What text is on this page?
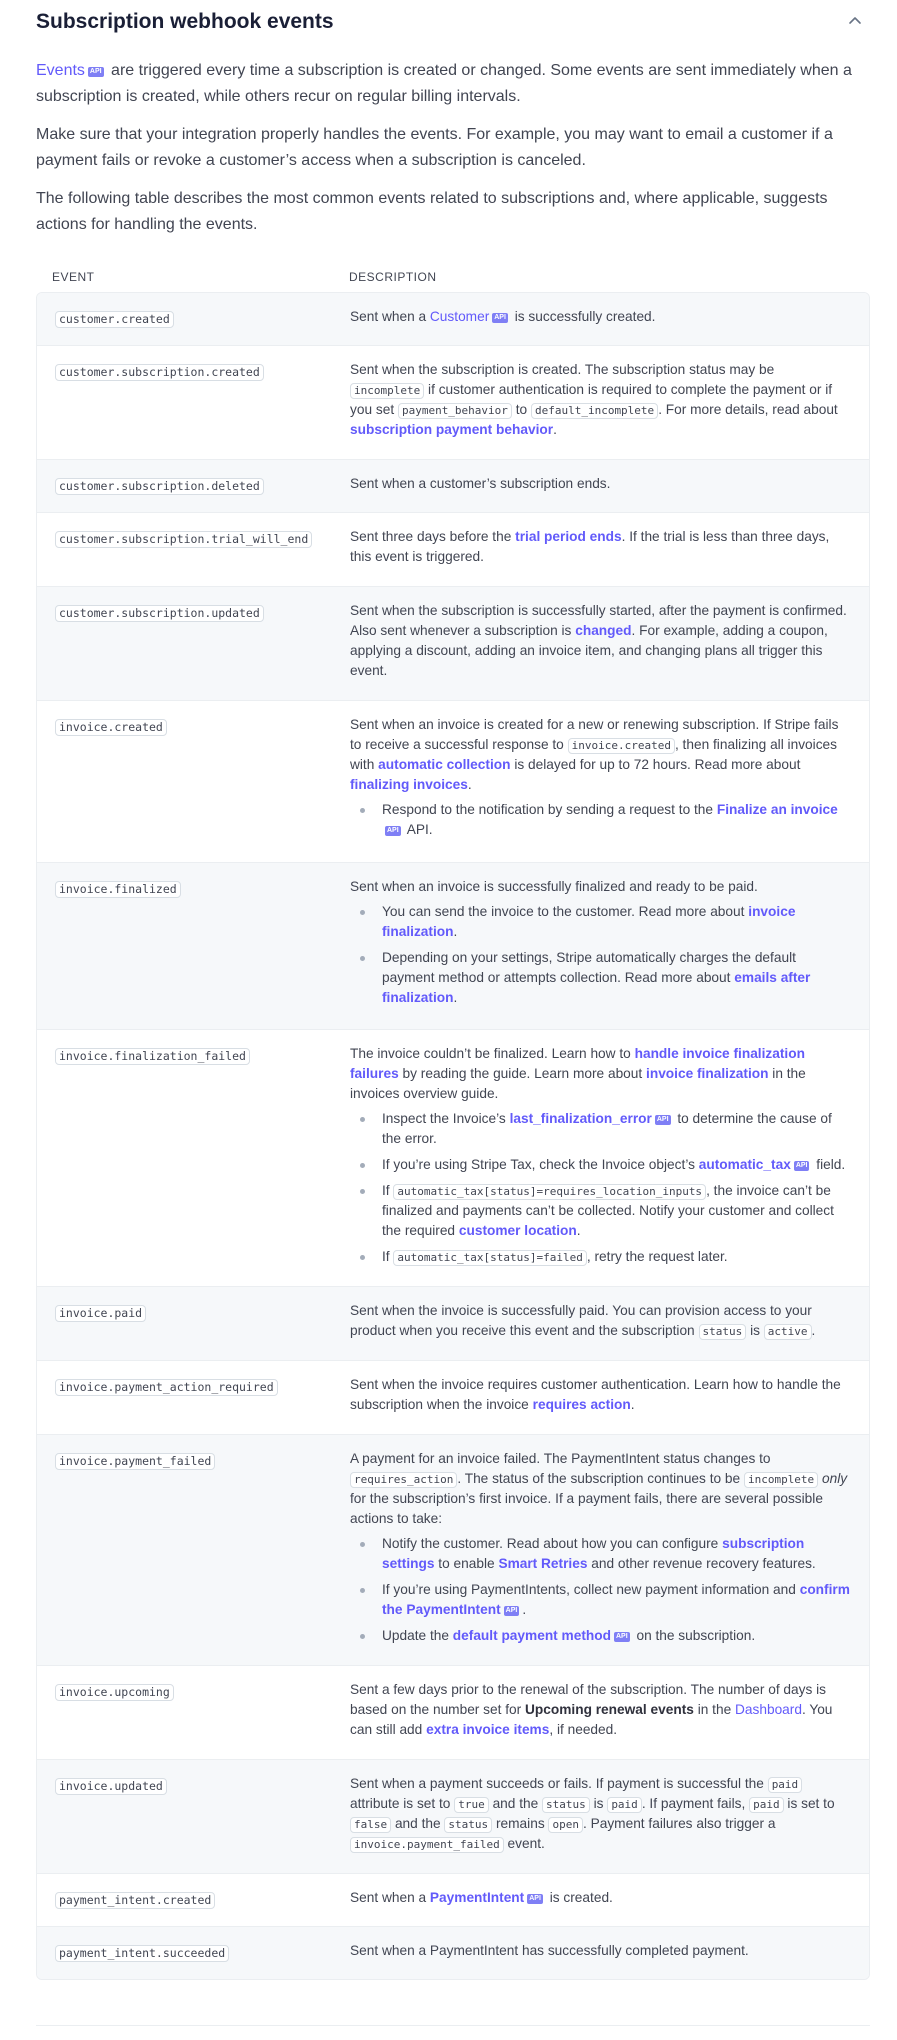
Subscription webhook events

Events API are triggered every time a subscription is created or changed. Some events are sent immediately when a subscription is created, while others recur on regular billing intervals.

Make sure that your integration properly handles the events. For example, you may want to email a customer if a payment fails or revoke a customer’s access when a subscription is canceled.

The following table describes the most common events related to subscriptions and, where applicable, suggests actions for handling the events.

EVENT	DESCRIPTION
customer.created	Sent when a Customer API is successfully created.
customer.subscription.created	Sent when the subscription is created. The subscription status may be incomplete if customer authentication is required to complete the payment or if you set payment_behavior to default_incomplete . For more details, read about subscription payment behavior.
customer.subscription.deleted	Sent when a customer’s subscription ends.
customer.subscription.trial_will_end	Sent three days before the trial period ends. If the trial is less than three days, this event is triggered.
customer.subscription.updated	Sent when the subscription is successfully started, after the payment is confirmed. Also sent whenever a subscription is changed. For example, adding a coupon, applying a discount, adding an invoice item, and changing plans all trigger this event.
invoice.created	Sent when an invoice is created for a new or renewing subscription. If Stripe fails to receive a successful response to invoice.created , then finalizing all invoices with automatic collection is delayed for up to 72 hours. Read more about finalizing invoices.
Respond to the notification by sending a request to the Finalize an invoiceAPI API.
invoice.finalized	Sent when an invoice is successfully finalized and ready to be paid.
You can send the invoice to the customer. Read more about invoice finalization.
Depending on your settings, Stripe automatically charges the default payment method or attempts collection. Read more about emails after finalization.
invoice.finalization_failed	The invoice couldn’t be finalized. Learn how to handle invoice finalization failures by reading the guide. Learn more about invoice finalization in the invoices overview guide.
Inspect the Invoice’s last_finalization_error API to determine the cause of the error.
If you’re using Stripe Tax, check the Invoice object’s automatic_tax API field.
If automatic_tax[status]=requires_location_inputs , the invoice can’t be finalized and payments can’t be collected. Notify your customer and collect the required customer location.
If automatic_tax[status]=failed , retry the request later.
invoice.paid	Sent when the invoice is successfully paid. You can provision access to your product when you receive this event and the subscription status is active .
invoice.payment_action_required	Sent when the invoice requires customer authentication. Learn how to handle the subscription when the invoice requires action.
invoice.payment_failed	A payment for an invoice failed. The PaymentIntent status changes to requires_action . The status of the subscription continues to be incomplete only for the subscription’s first invoice. If a payment fails, there are several possible actions to take:
Notify the customer. Read about how you can configure subscription settings to enable Smart Retries and other revenue recovery features.
If you’re using PaymentIntents, collect new payment information and confirm the PaymentIntent API .
Update the default payment method API on the subscription.
invoice.upcoming	Sent a few days prior to the renewal of the subscription. The number of days is based on the number set for Upcoming renewal events in the Dashboard. You can still add extra invoice items, if needed.
invoice.updated	Sent when a payment succeeds or fails. If payment is successful the paid attribute is set to true and the status is paid . If payment fails, paid is set to false and the status remains open . Payment failures also trigger a invoice.payment_failed event.
payment_intent.created	Sent when a PaymentIntent API is created.
payment_intent.succeeded	Sent when a PaymentIntent has successfully completed payment.
